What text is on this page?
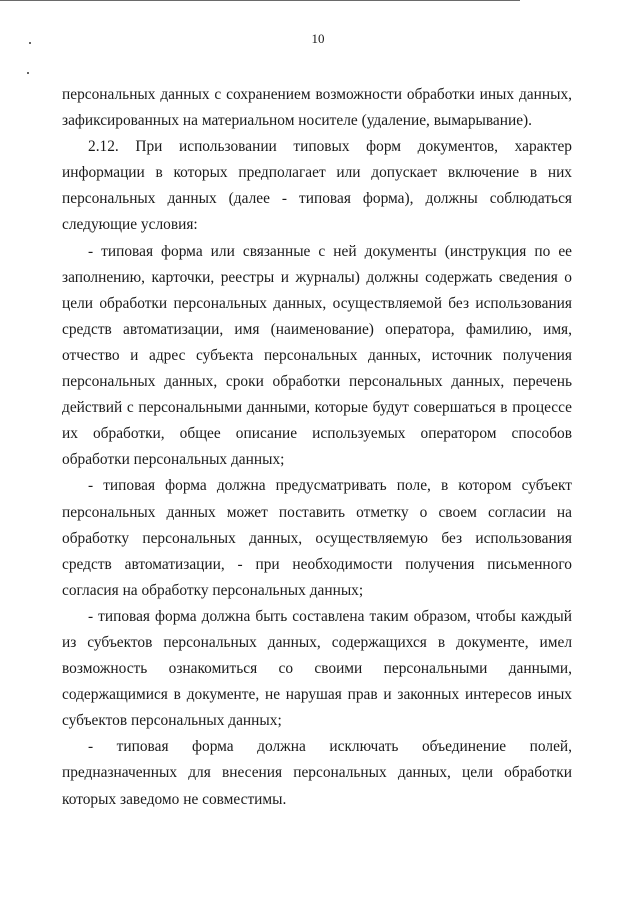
10

персональных данных с сохранением возможности обработки иных данных, зафиксированных на материальном носителе (удаление, вымарывание).

2.12. При использовании типовых форм документов, характер информации в которых предполагает или допускает включение в них персональных данных (далее - типовая форма), должны соблюдаться следующие условия:

- типовая форма или связанные с ней документы (инструкция по ее заполнению, карточки, реестры и журналы) должны содержать сведения о цели обработки персональных данных, осуществляемой без использования средств автоматизации, имя (наименование) оператора, фамилию, имя, отчество и адрес субъекта персональных данных, источник получения персональных данных, сроки обработки персональных данных, перечень действий с персональными данными, которые будут совершаться в процессе их обработки, общее описание используемых оператором способов обработки персональных данных;

- типовая форма должна предусматривать поле, в котором субъект персональных данных может поставить отметку о своем согласии на обработку персональных данных, осуществляемую без использования средств автоматизации, - при необходимости получения письменного согласия на обработку персональных данных;

- типовая форма должна быть составлена таким образом, чтобы каждый из субъектов персональных данных, содержащихся в документе, имел возможность ознакомиться со своими персональными данными, содержащимися в документе, не нарушая прав и законных интересов иных субъектов персональных данных;

- типовая форма должна исключать объединение полей, предназначенных для внесения персональных данных, цели обработки которых заведомо не совместимы.
